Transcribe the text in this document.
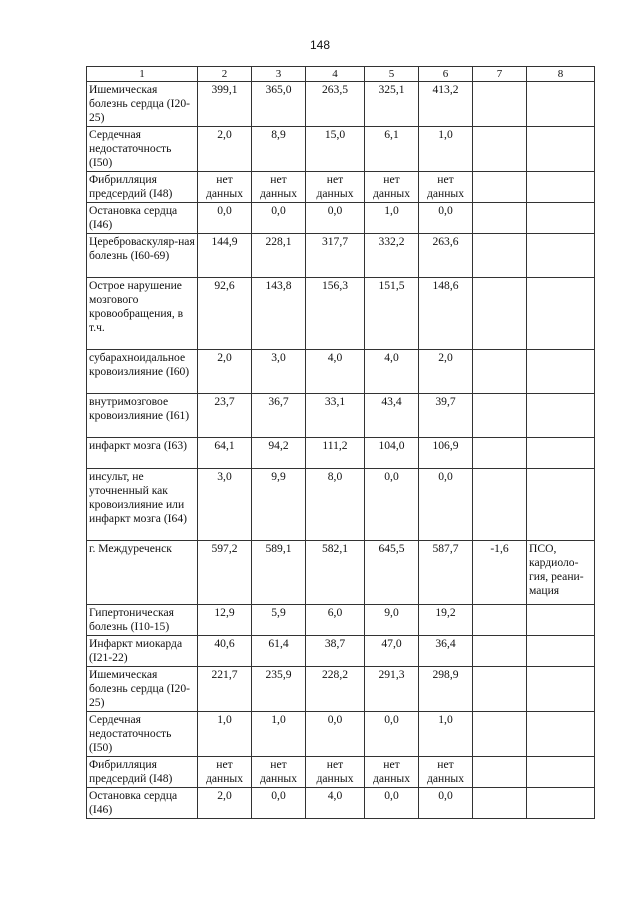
148
1	2	3	4	5	6	7	8
Ишемическая болезнь сердца (I20-25)	399,1	365,0	263,5	325,1	413,2		
Сердечная недостаточность (I50)	2,0	8,9	15,0	6,1	1,0		
Фибрилляция предсердий (I48)	нет данных	нет данных	нет данных	нет данных	нет данных		
Остановка сердца (I46)	0,0	0,0	0,0	1,0	0,0		
Цереброваскуляр-ная болезнь (I60-69)	144,9	228,1	317,7	332,2	263,6		
Острое нарушение мозгового кровообращения, в т.ч.	92,6	143,8	156,3	151,5	148,6		
субарахноидальное кровоизлияние (I60)	2,0	3,0	4,0	4,0	2,0		
внутримозговое кровоизлияние (I61)	23,7	36,7	33,1	43,4	39,7		
инфаркт мозга (I63)	64,1	94,2	111,2	104,0	106,9		
инсульт, не уточненный как кровоизлияние или инфаркт мозга (I64)	3,0	9,9	8,0	0,0	0,0		
г. Междуреченск	597,2	589,1	582,1	645,5	587,7	-1,6	ПСО, кардиоло-гия, реани-мация
Гипертоническая болезнь (I10-15)	12,9	5,9	6,0	9,0	19,2		
Инфаркт миокарда (I21-22)	40,6	61,4	38,7	47,0	36,4		
Ишемическая болезнь сердца (I20-25)	221,7	235,9	228,2	291,3	298,9		
Сердечная недостаточность (I50)	1,0	1,0	0,0	0,0	1,0		
Фибрилляция предсердий (I48)	нет данных	нет данных	нет данных	нет данных	нет данных		
Остановка сердца (I46)	2,0	0,0	4,0	0,0	0,0		
